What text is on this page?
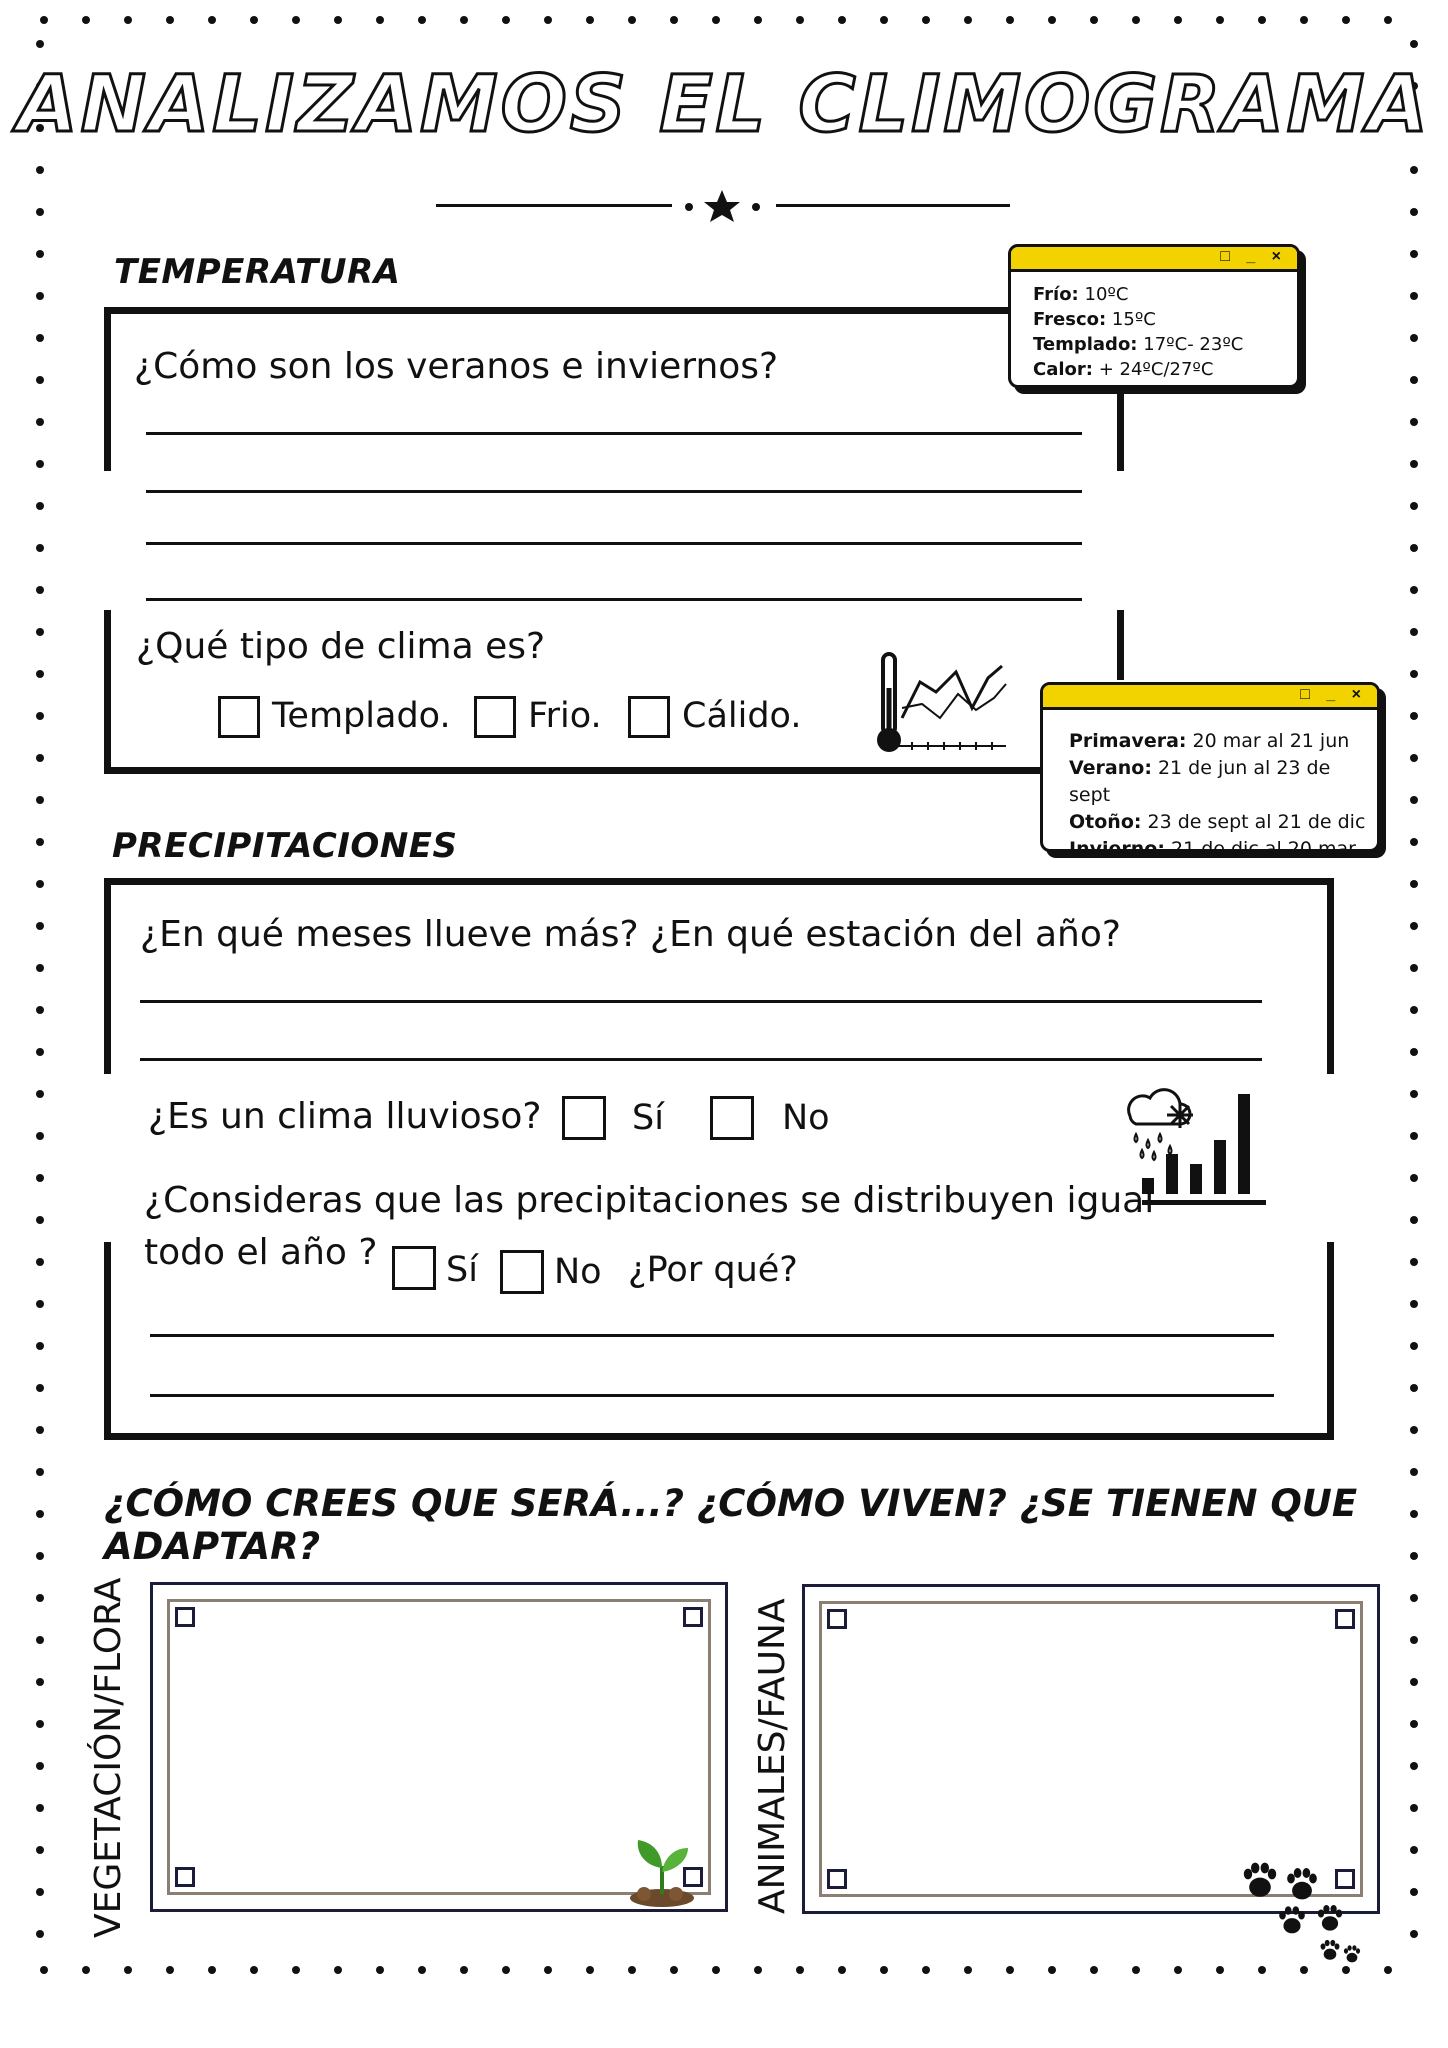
ANALIZAMOS EL CLIMOGRAMA
TEMPERATURA
¿Cómo son los veranos e inviernos?
¿Qué tipo de clima es?
Templado. Frio. Cálido.
□ _ ×
Frío: 10ºC
Fresco: 15ºC
Templado: 17ºC- 23ºC
Calor: + 24ºC/27ºC
□ _ ×
Primavera: 20 mar al 21 jun
Verano: 21 de jun al 23 de sept
Otoño: 23 de sept al 21 de dic
Invierno: 21 de dic al 20 mar
PRECIPITACIONES
¿En qué meses llueve más? ¿En qué estación del año?
¿Es un clima lluvioso?	Sí	No
¿Consideras que las precipitaciones se distribuyen igual
todo el año ? Sí No ¿Por qué?
¿CÓMO CREES QUE SERÁ...? ¿CÓMO VIVEN? ¿SE TIENEN QUE ADAPTAR?
VEGETACIÓN/FLORA	ANIMALES/FAUNA
